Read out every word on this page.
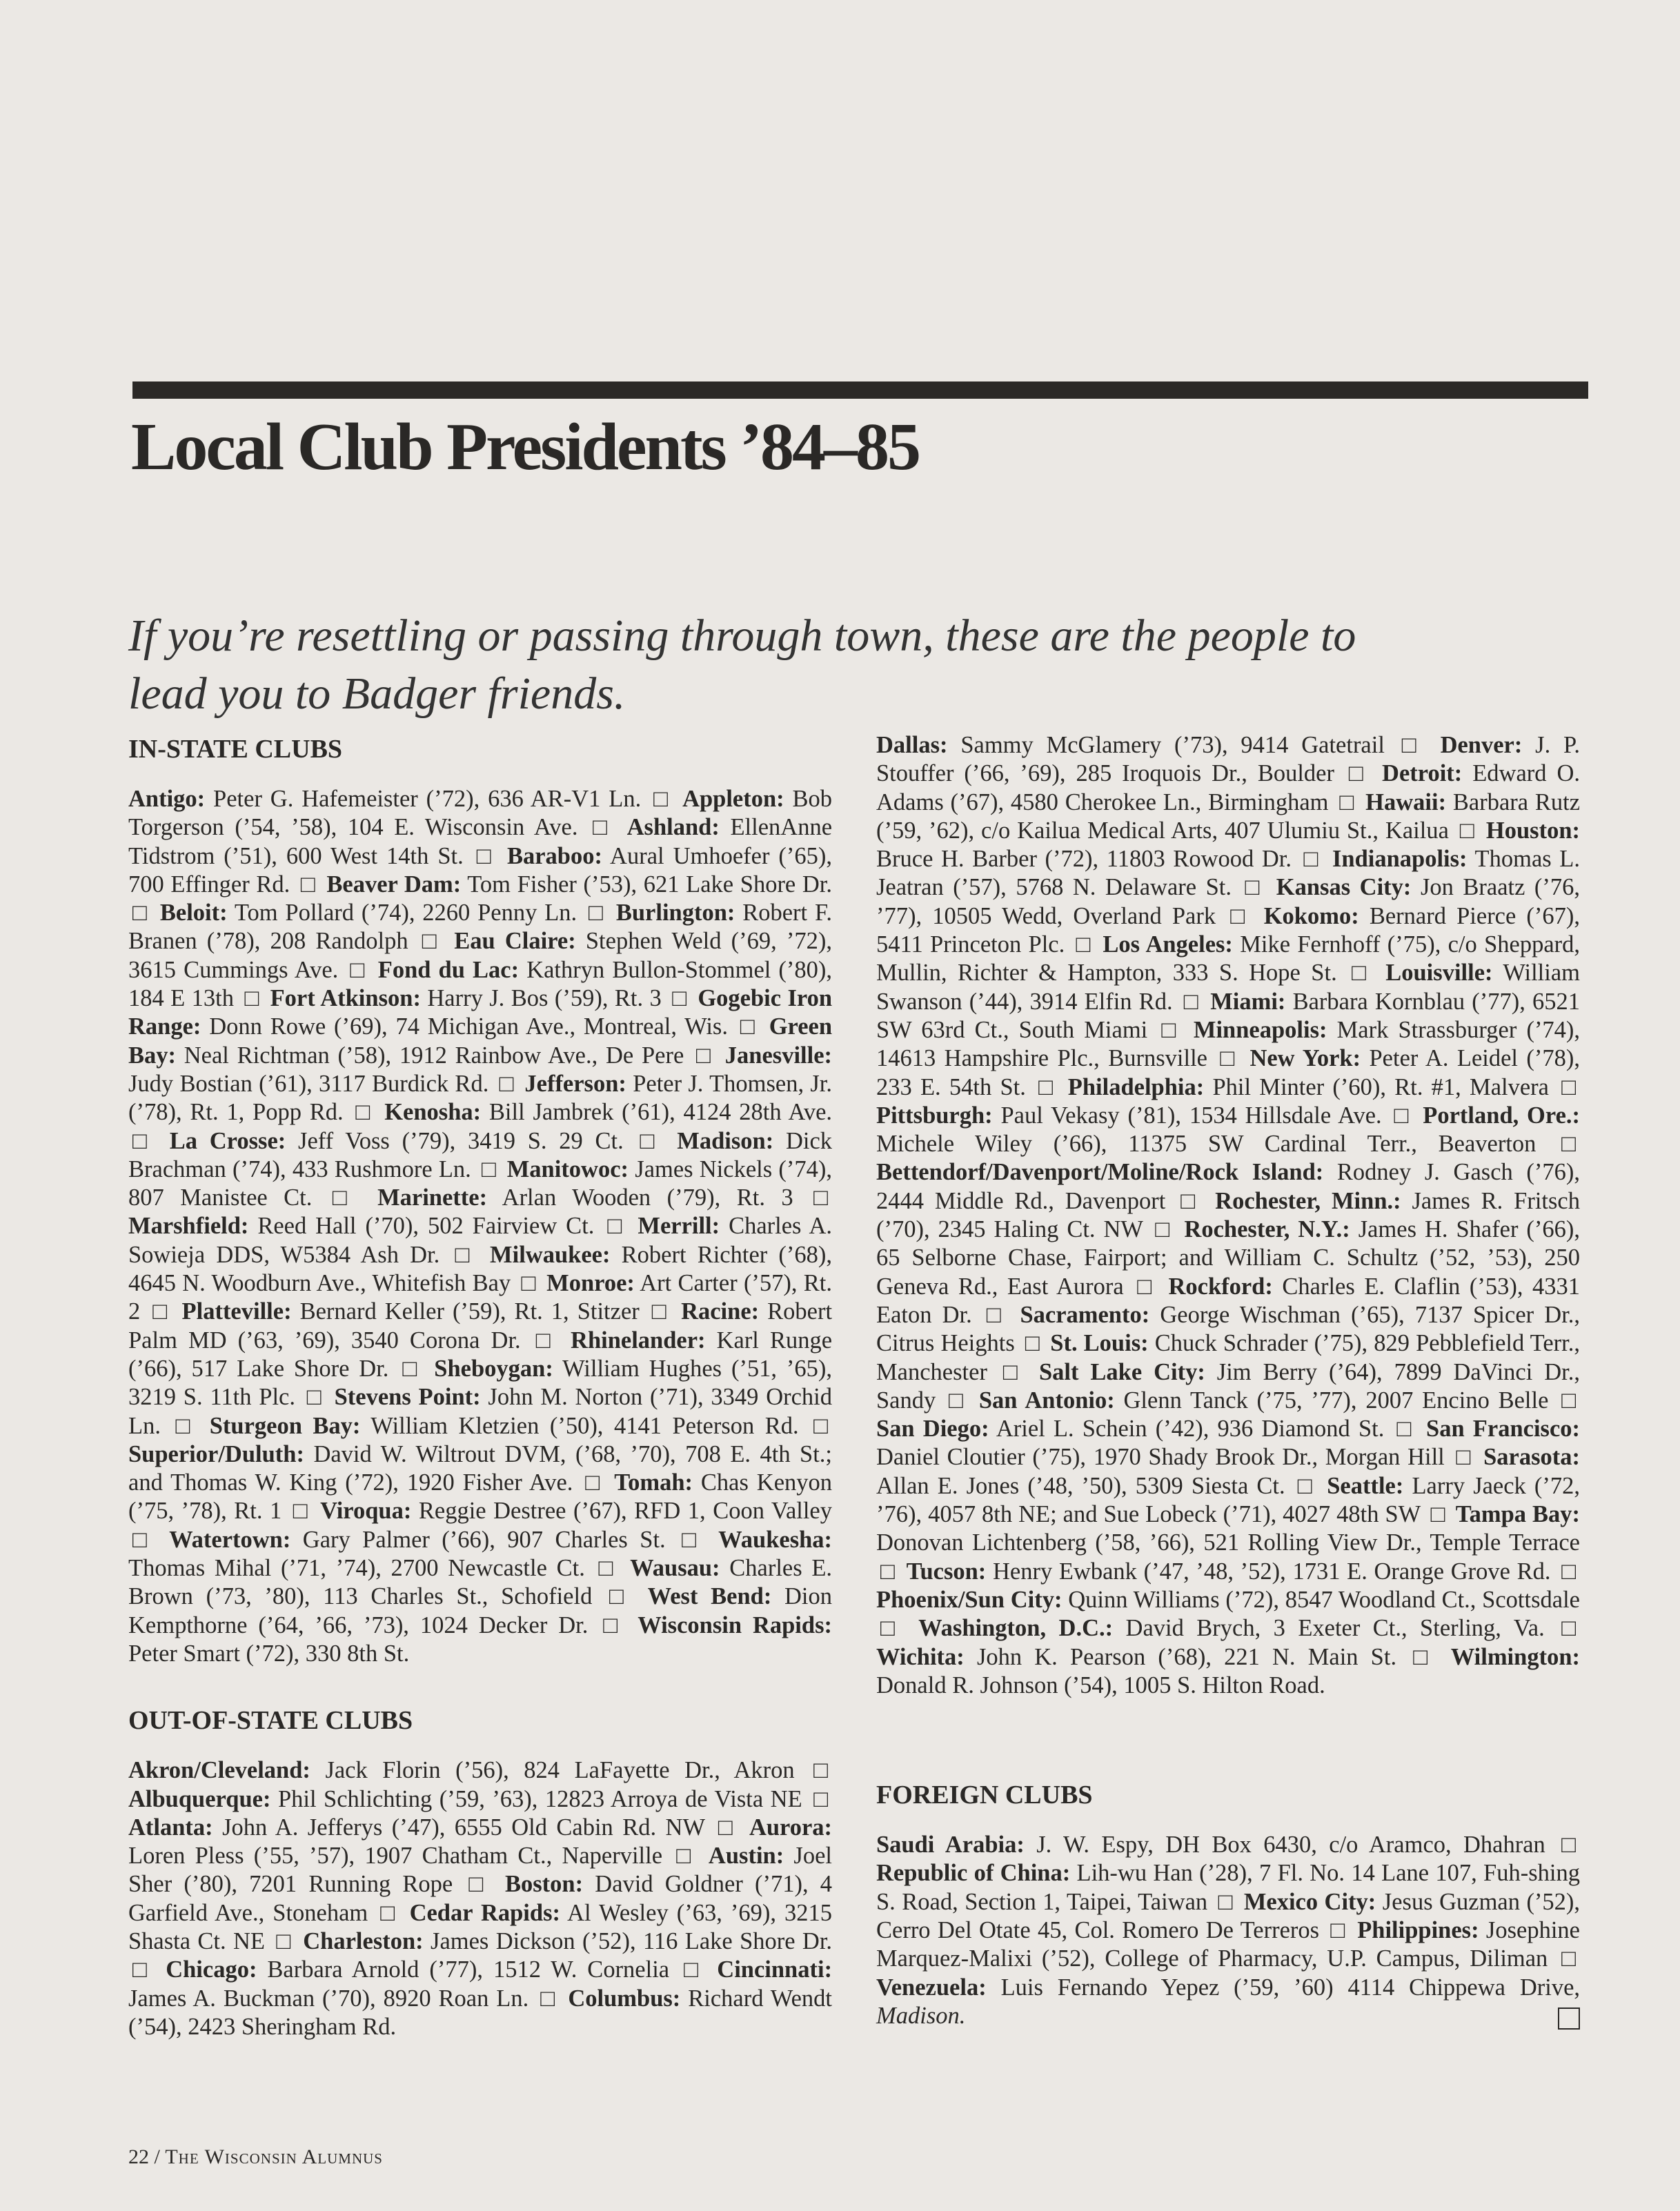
Local Club Presidents ’84–85

If you’re resettling or passing through town, these are the people to lead you to Badger friends.

IN-STATE CLUBS

Antigo: Peter G. Hafemeister (’72), 636 AR-V1 Ln. □ Appleton: Bob Torgerson (’54, ’58), 104 E. Wisconsin Ave. □ Ashland: EllenAnne Tidstrom (’51), 600 West 14th St. □ Baraboo: Aural Umhoefer (’65), 700 Effinger Rd. □ Beaver Dam: Tom Fisher (’53), 621 Lake Shore Dr. □ Beloit: Tom Pollard (’74), 2260 Penny Ln. □ Burlington: Robert F. Branen (’78), 208 Randolph □ Eau Claire: Stephen Weld (’69, ’72), 3615 Cummings Ave. □ Fond du Lac: Kathryn Bullon-Stommel (’80), 184 E 13th □ Fort Atkinson: Harry J. Bos (’59), Rt. 3 □ Gogebic Iron Range: Donn Rowe (’69), 74 Michigan Ave., Montreal, Wis. □ Green Bay: Neal Richtman (’58), 1912 Rainbow Ave., De Pere □ Janesville: Judy Bostian (’61), 3117 Burdick Rd. □ Jefferson: Peter J. Thomsen, Jr. (’78), Rt. 1, Popp Rd. □ Kenosha: Bill Jambrek (’61), 4124 28th Ave. □ La Crosse: Jeff Voss (’79), 3419 S. 29 Ct. □ Madison: Dick Brachman (’74), 433 Rushmore Ln. □ Manitowoc: James Nickels (’74), 807 Manistee Ct. □ Marinette: Arlan Wooden (’79), Rt. 3 □ Marshfield: Reed Hall (’70), 502 Fairview Ct. □ Merrill: Charles A. Sowieja DDS, W5384 Ash Dr. □ Milwaukee: Robert Richter (’68), 4645 N. Woodburn Ave., Whitefish Bay □ Monroe: Art Carter (’57), Rt. 2 □ Platteville: Bernard Keller (’59), Rt. 1, Stitzer □ Racine: Robert Palm MD (’63, ’69), 3540 Corona Dr. □ Rhinelander: Karl Runge (’66), 517 Lake Shore Dr. □ Sheboygan: William Hughes (’51, ’65), 3219 S. 11th Plc. □ Stevens Point: John M. Norton (’71), 3349 Orchid Ln. □ Sturgeon Bay: William Kletzien (’50), 4141 Peterson Rd. □ Superior/Duluth: David W. Wiltrout DVM, (’68, ’70), 708 E. 4th St.; and Thomas W. King (’72), 1920 Fisher Ave. □ Tomah: Chas Kenyon (’75, ’78), Rt. 1 □ Viroqua: Reggie Destree (’67), RFD 1, Coon Valley □ Watertown: Gary Palmer (’66), 907 Charles St. □ Waukesha: Thomas Mihal (’71, ’74), 2700 Newcastle Ct. □ Wausau: Charles E. Brown (’73, ’80), 113 Charles St., Schofield □ West Bend: Dion Kempthorne (’64, ’66, ’73), 1024 Decker Dr. □ Wisconsin Rapids: Peter Smart (’72), 330 8th St.

OUT-OF-STATE CLUBS

Akron/Cleveland: Jack Florin (’56), 824 LaFayette Dr., Akron □ Albuquerque: Phil Schlichting (’59, ’63), 12823 Arroya de Vista NE □ Atlanta: John A. Jefferys (’47), 6555 Old Cabin Rd. NW □ Aurora: Loren Pless (’55, ’57), 1907 Chatham Ct., Naperville □ Austin: Joel Sher (’80), 7201 Running Rope □ Boston: David Goldner (’71), 4 Garfield Ave., Stoneham □ Cedar Rapids: Al Wesley (’63, ’69), 3215 Shasta Ct. NE □ Charleston: James Dickson (’52), 116 Lake Shore Dr. □ Chicago: Barbara Arnold (’77), 1512 W. Cornelia □ Cincinnati: James A. Buckman (’70), 8920 Roan Ln. □ Columbus: Richard Wendt (’54), 2423 Sheringham Rd.

Dallas: Sammy McGlamery (’73), 9414 Gatetrail □ Denver: J. P. Stouffer (’66, ’69), 285 Iroquois Dr., Boulder □ Detroit: Edward O. Adams (’67), 4580 Cherokee Ln., Birmingham □ Hawaii: Barbara Rutz (’59, ’62), c/o Kailua Medical Arts, 407 Ulumiu St., Kailua □ Houston: Bruce H. Barber (’72), 11803 Rowood Dr. □ Indianapolis: Thomas L. Jeatran (’57), 5768 N. Delaware St. □ Kansas City: Jon Braatz (’76, ’77), 10505 Wedd, Overland Park □ Kokomo: Bernard Pierce (’67), 5411 Princeton Plc. □ Los Angeles: Mike Fernhoff (’75), c/o Sheppard, Mullin, Richter & Hampton, 333 S. Hope St. □ Louisville: William Swanson (’44), 3914 Elfin Rd. □ Miami: Barbara Kornblau (’77), 6521 SW 63rd Ct., South Miami □ Minneapolis: Mark Strassburger (’74), 14613 Hampshire Plc., Burnsville □ New York: Peter A. Leidel (’78), 233 E. 54th St. □ Philadelphia: Phil Minter (’60), Rt. #1, Malvera □ Pittsburgh: Paul Vekasy (’81), 1534 Hillsdale Ave. □ Portland, Ore.: Michele Wiley (’66), 11375 SW Cardinal Terr., Beaverton □ Bettendorf/Davenport/Moline/Rock Island: Rodney J. Gasch (’76), 2444 Middle Rd., Davenport □ Rochester, Minn.: James R. Fritsch (’70), 2345 Haling Ct. NW □ Rochester, N.Y.: James H. Shafer (’66), 65 Selborne Chase, Fairport; and William C. Schultz (’52, ’53), 250 Geneva Rd., East Aurora □ Rockford: Charles E. Claflin (’53), 4331 Eaton Dr. □ Sacramento: George Wischman (’65), 7137 Spicer Dr., Citrus Heights □ St. Louis: Chuck Schrader (’75), 829 Pebblefield Terr., Manchester □ Salt Lake City: Jim Berry (’64), 7899 DaVinci Dr., Sandy □ San Antonio: Glenn Tanck (’75, ’77), 2007 Encino Belle □ San Diego: Ariel L. Schein (’42), 936 Diamond St. □ San Francisco: Daniel Cloutier (’75), 1970 Shady Brook Dr., Morgan Hill □ Sarasota: Allan E. Jones (’48, ’50), 5309 Siesta Ct. □ Seattle: Larry Jaeck (’72, ’76), 4057 8th NE; and Sue Lobeck (’71), 4027 48th SW □ Tampa Bay: Donovan Lichtenberg (’58, ’66), 521 Rolling View Dr., Temple Terrace □ Tucson: Henry Ewbank (’47, ’48, ’52), 1731 E. Orange Grove Rd. □ Phoenix/Sun City: Quinn Williams (’72), 8547 Woodland Ct., Scottsdale □ Washington, D.C.: David Brych, 3 Exeter Ct., Sterling, Va. □ Wichita: John K. Pearson (’68), 221 N. Main St. □ Wilmington: Donald R. Johnson (’54), 1005 S. Hilton Road.

FOREIGN CLUBS

Saudi Arabia: J. W. Espy, DH Box 6430, c/o Aramco, Dhahran □ Republic of China: Lih-wu Han (’28), 7 Fl. No. 14 Lane 107, Fuh-shing S. Road, Section 1, Taipei, Taiwan □ Mexico City: Jesus Guzman (’52), Cerro Del Otate 45, Col. Romero De Terreros □ Philippines: Josephine Marquez-Malixi (’52), College of Pharmacy, U.P. Campus, Diliman □ Venezuela: Luis Fernando Yepez (’59, ’60) 4114 Chippewa Drive, Madison.

22 / The Wisconsin Alumnus
